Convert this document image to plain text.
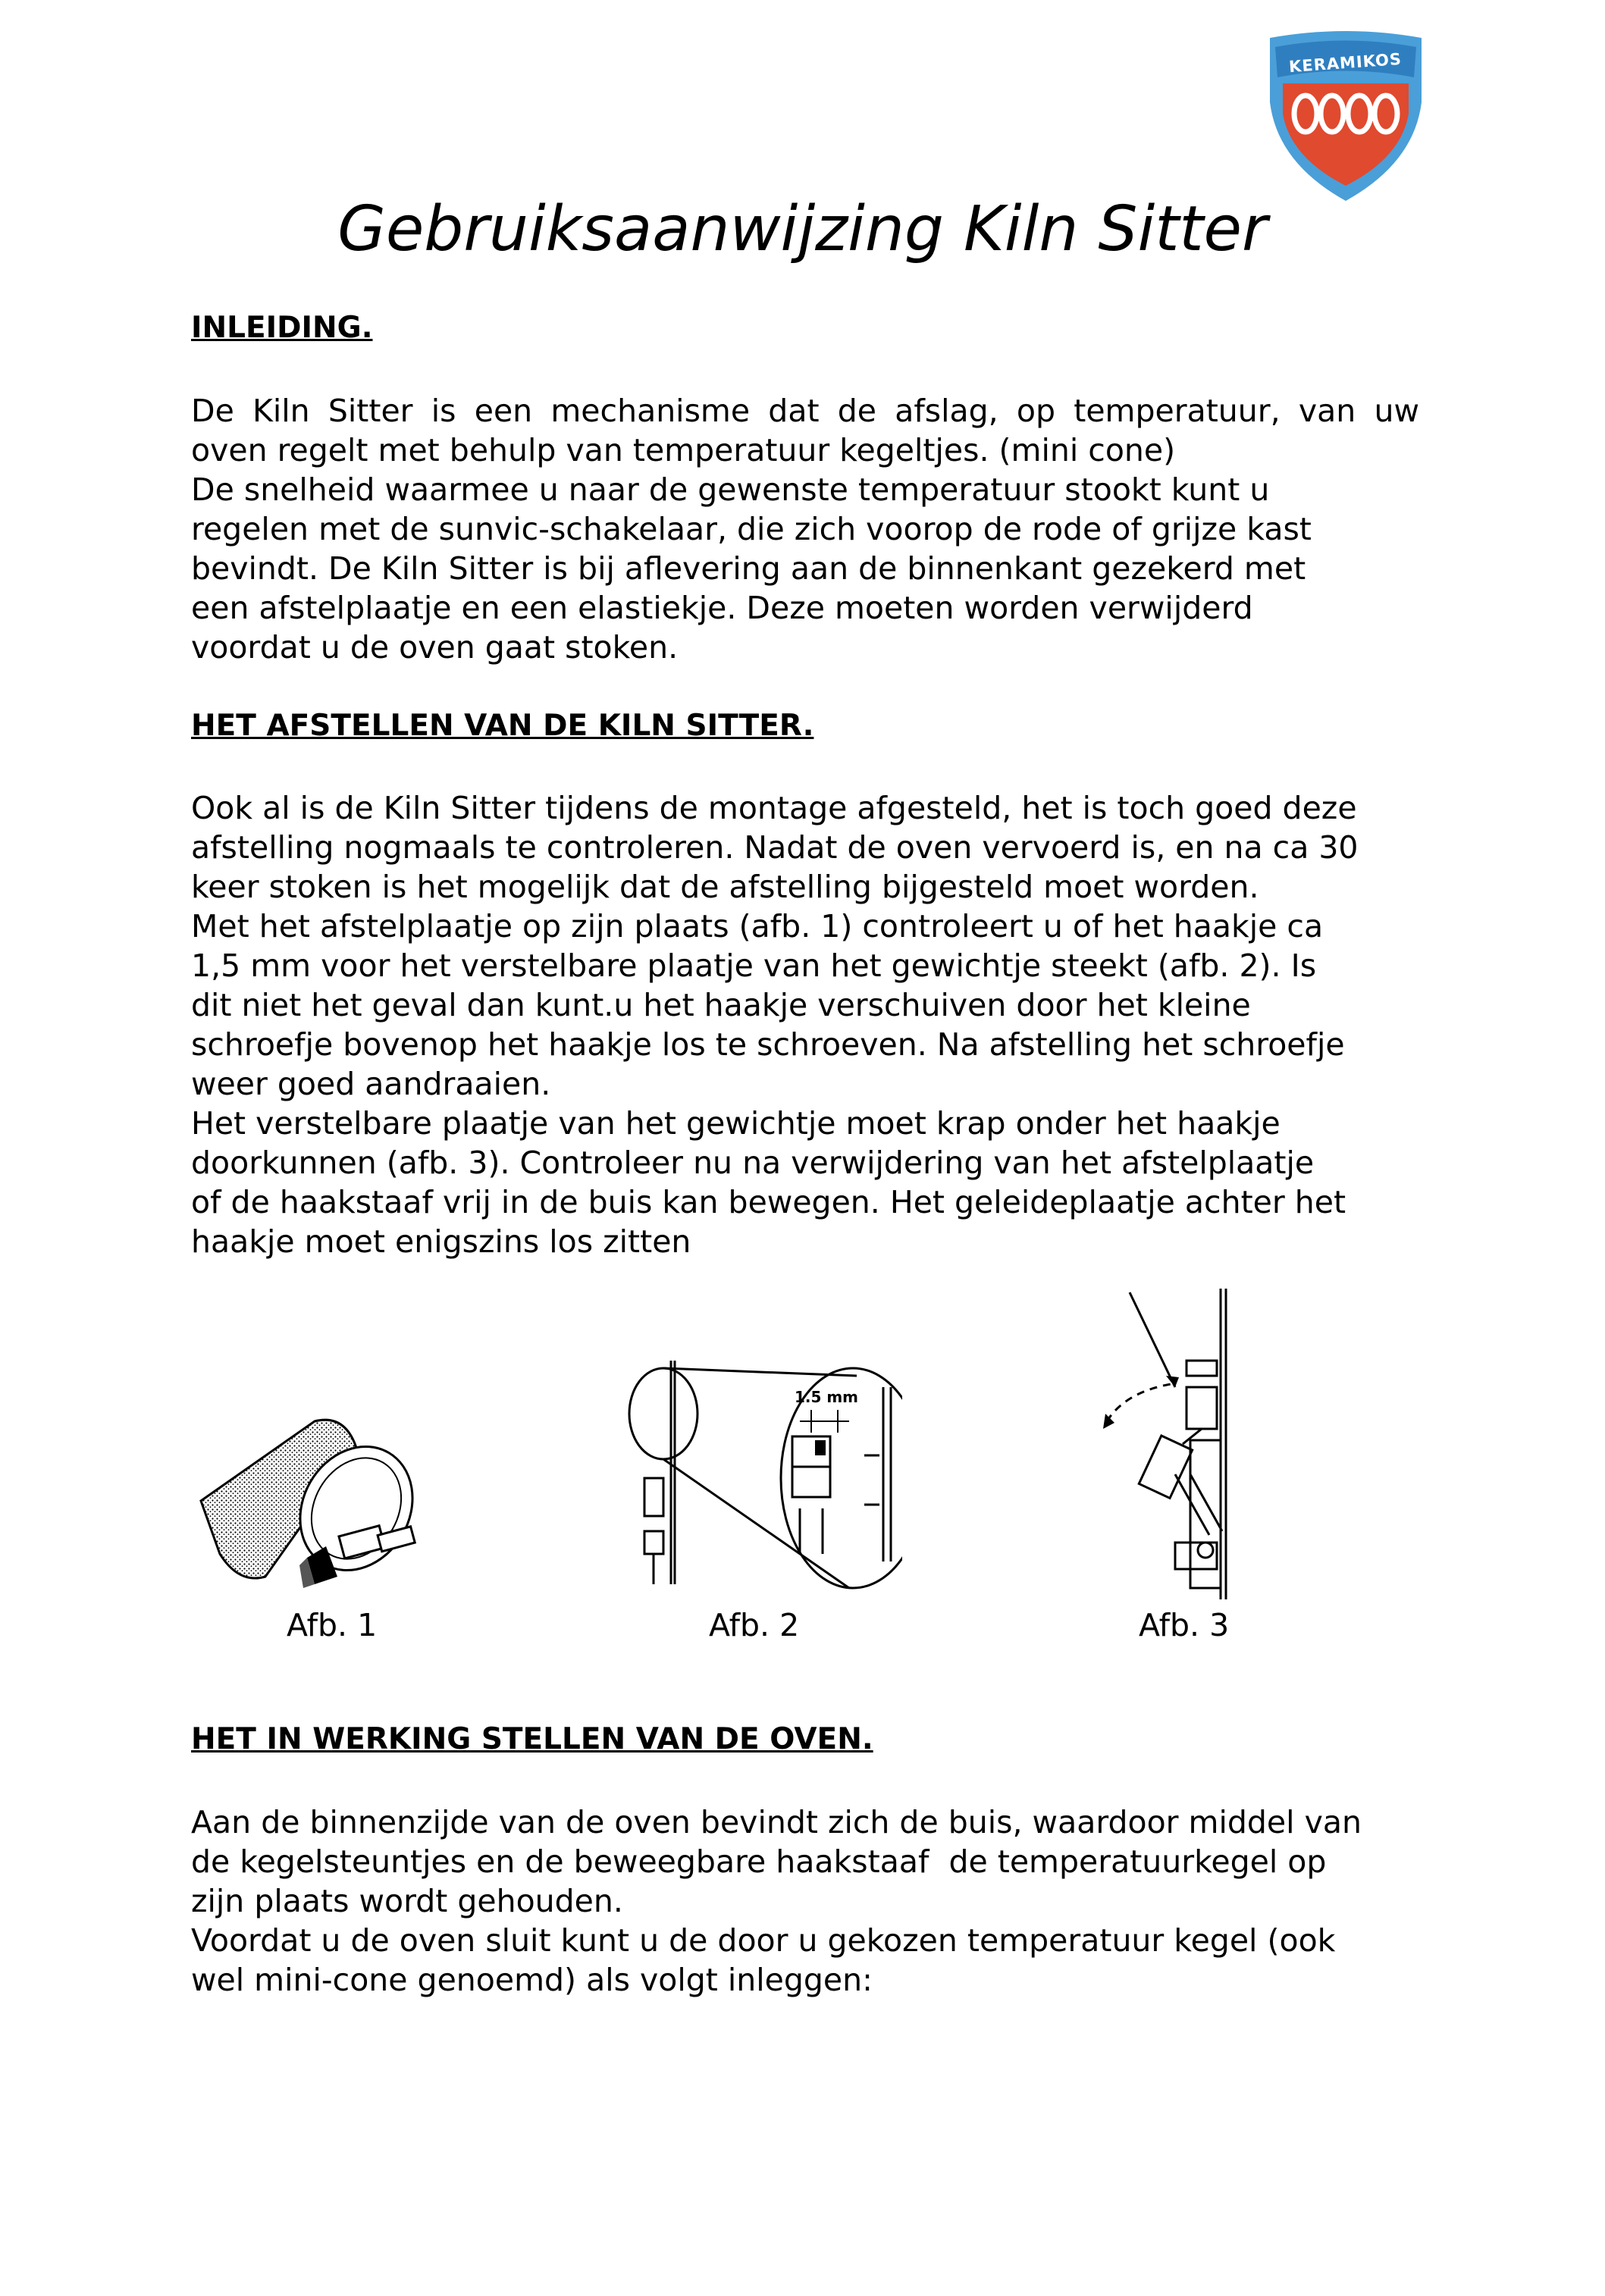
KERAMIKOS
Gebruiksaanwijzing Kiln Sitter
INLEIDING.
De Kiln Sitter is een mechanisme dat de afslag, op temperatuur, van uw
oven regelt met behulp van temperatuur kegeltjes. (mini cone)
De snelheid waarmee u naar de gewenste temperatuur stookt kunt u
regelen met de sunvic-schakelaar, die zich voorop de rode of grijze kast
bevindt. De Kiln Sitter is bij aflevering aan de binnenkant gezekerd met
een afstelplaatje en een elastiekje. Deze moeten worden verwijderd
voordat u de oven gaat stoken.
HET AFSTELLEN VAN DE KILN SITTER.
Ook al is de Kiln Sitter tijdens de montage afgesteld, het is toch goed deze
afstelling nogmaals te controleren. Nadat de oven vervoerd is, en na ca 30
keer stoken is het mogelijk dat de afstelling bijgesteld moet worden.
Met het afstelplaatje op zijn plaats (afb. 1) controleert u of het haakje ca
1,5 mm voor het verstelbare plaatje van het gewichtje steekt (afb. 2). Is
dit niet het geval dan kunt.u het haakje verschuiven door het kleine
schroefje bovenop het haakje los te schroeven. Na afstelling het schroefje
weer goed aandraaien.
Het verstelbare plaatje van het gewichtje moet krap onder het haakje
doorkunnen (afb. 3). Controleer nu na verwijdering van het afstelplaatje
of de haakstaaf vrij in de buis kan bewegen. Het geleideplaatje achter het
haakje moet enigszins los zitten
1.5 mm
Afb. 1	Afb. 2	Afb. 3
HET IN WERKING STELLEN VAN DE OVEN.
Aan de binnenzijde van de oven bevindt zich de buis, waardoor middel van
de kegelsteuntjes en de beweegbare haakstaaf  de temperatuurkegel op
zijn plaats wordt gehouden.
Voordat u de oven sluit kunt u de door u gekozen temperatuur kegel (ook
wel mini-cone genoemd) als volgt inleggen:
